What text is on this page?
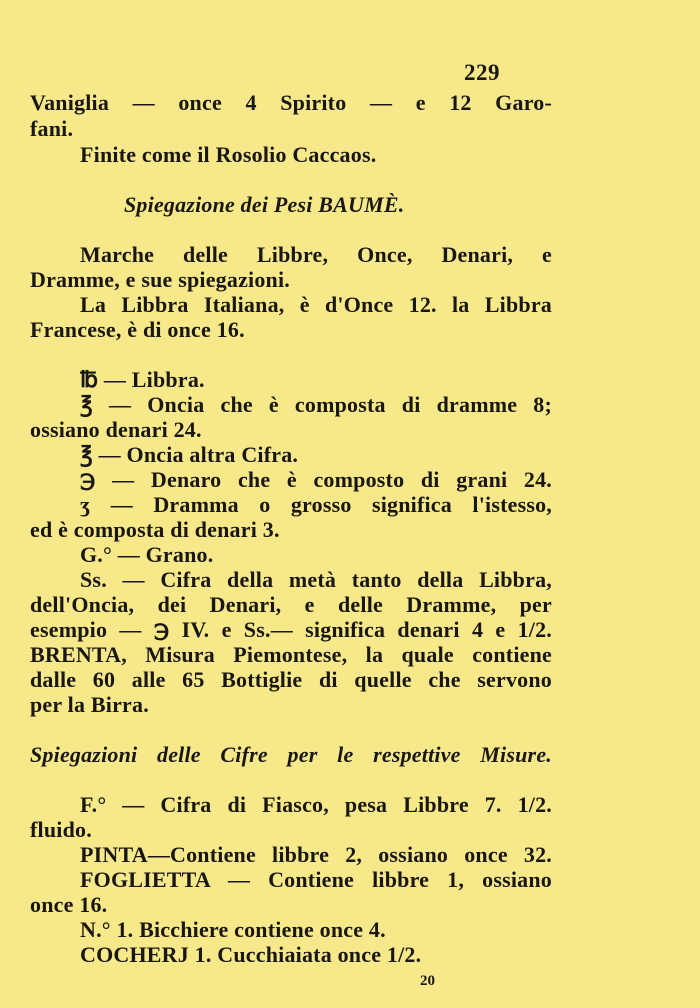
229
Vaniglia — once 4 Spirito — e 12 Garo-
fani.
Finite come il Rosolio Caccaos.
Spiegazione dei Pesi BAUMÈ.
Marche delle Libbre, Once, Denari, e
Dramme, e sue spiegazioni.
La Libbra Italiana, è d'Once 12. la Libbra
Francese, è di once 16.
℔ — Libbra.
℥ — Oncia che è composta di dramme 8;
ossiano denari 24.
℥ — Oncia altra Cifra.
℈ — Denaro che è composto di grani 24.
ʒ — Dramma o grosso significa l'istesso,
ed è composta di denari 3.
G.° — Grano.
Ss. — Cifra della metà tanto della Libbra,
dell'Oncia, dei Denari, e delle Dramme, per
esempio — ℈ IV. e Ss.— significa denari 4 e 1/2.
BRENTA, Misura Piemontese, la quale contiene
dalle 60 alle 65 Bottiglie di quelle che servono
per la Birra.
Spiegazioni delle Cifre per le respettive Misure.
F.° — Cifra di Fiasco, pesa Libbre 7. 1/2.
fluido.
PINTA—Contiene libbre 2, ossiano once 32.
FOGLIETTA — Contiene libbre 1, ossiano
once 16.
N.° 1. Bicchiere contiene once 4.
COCHERJ 1. Cucchiaiata once 1/2.
20
